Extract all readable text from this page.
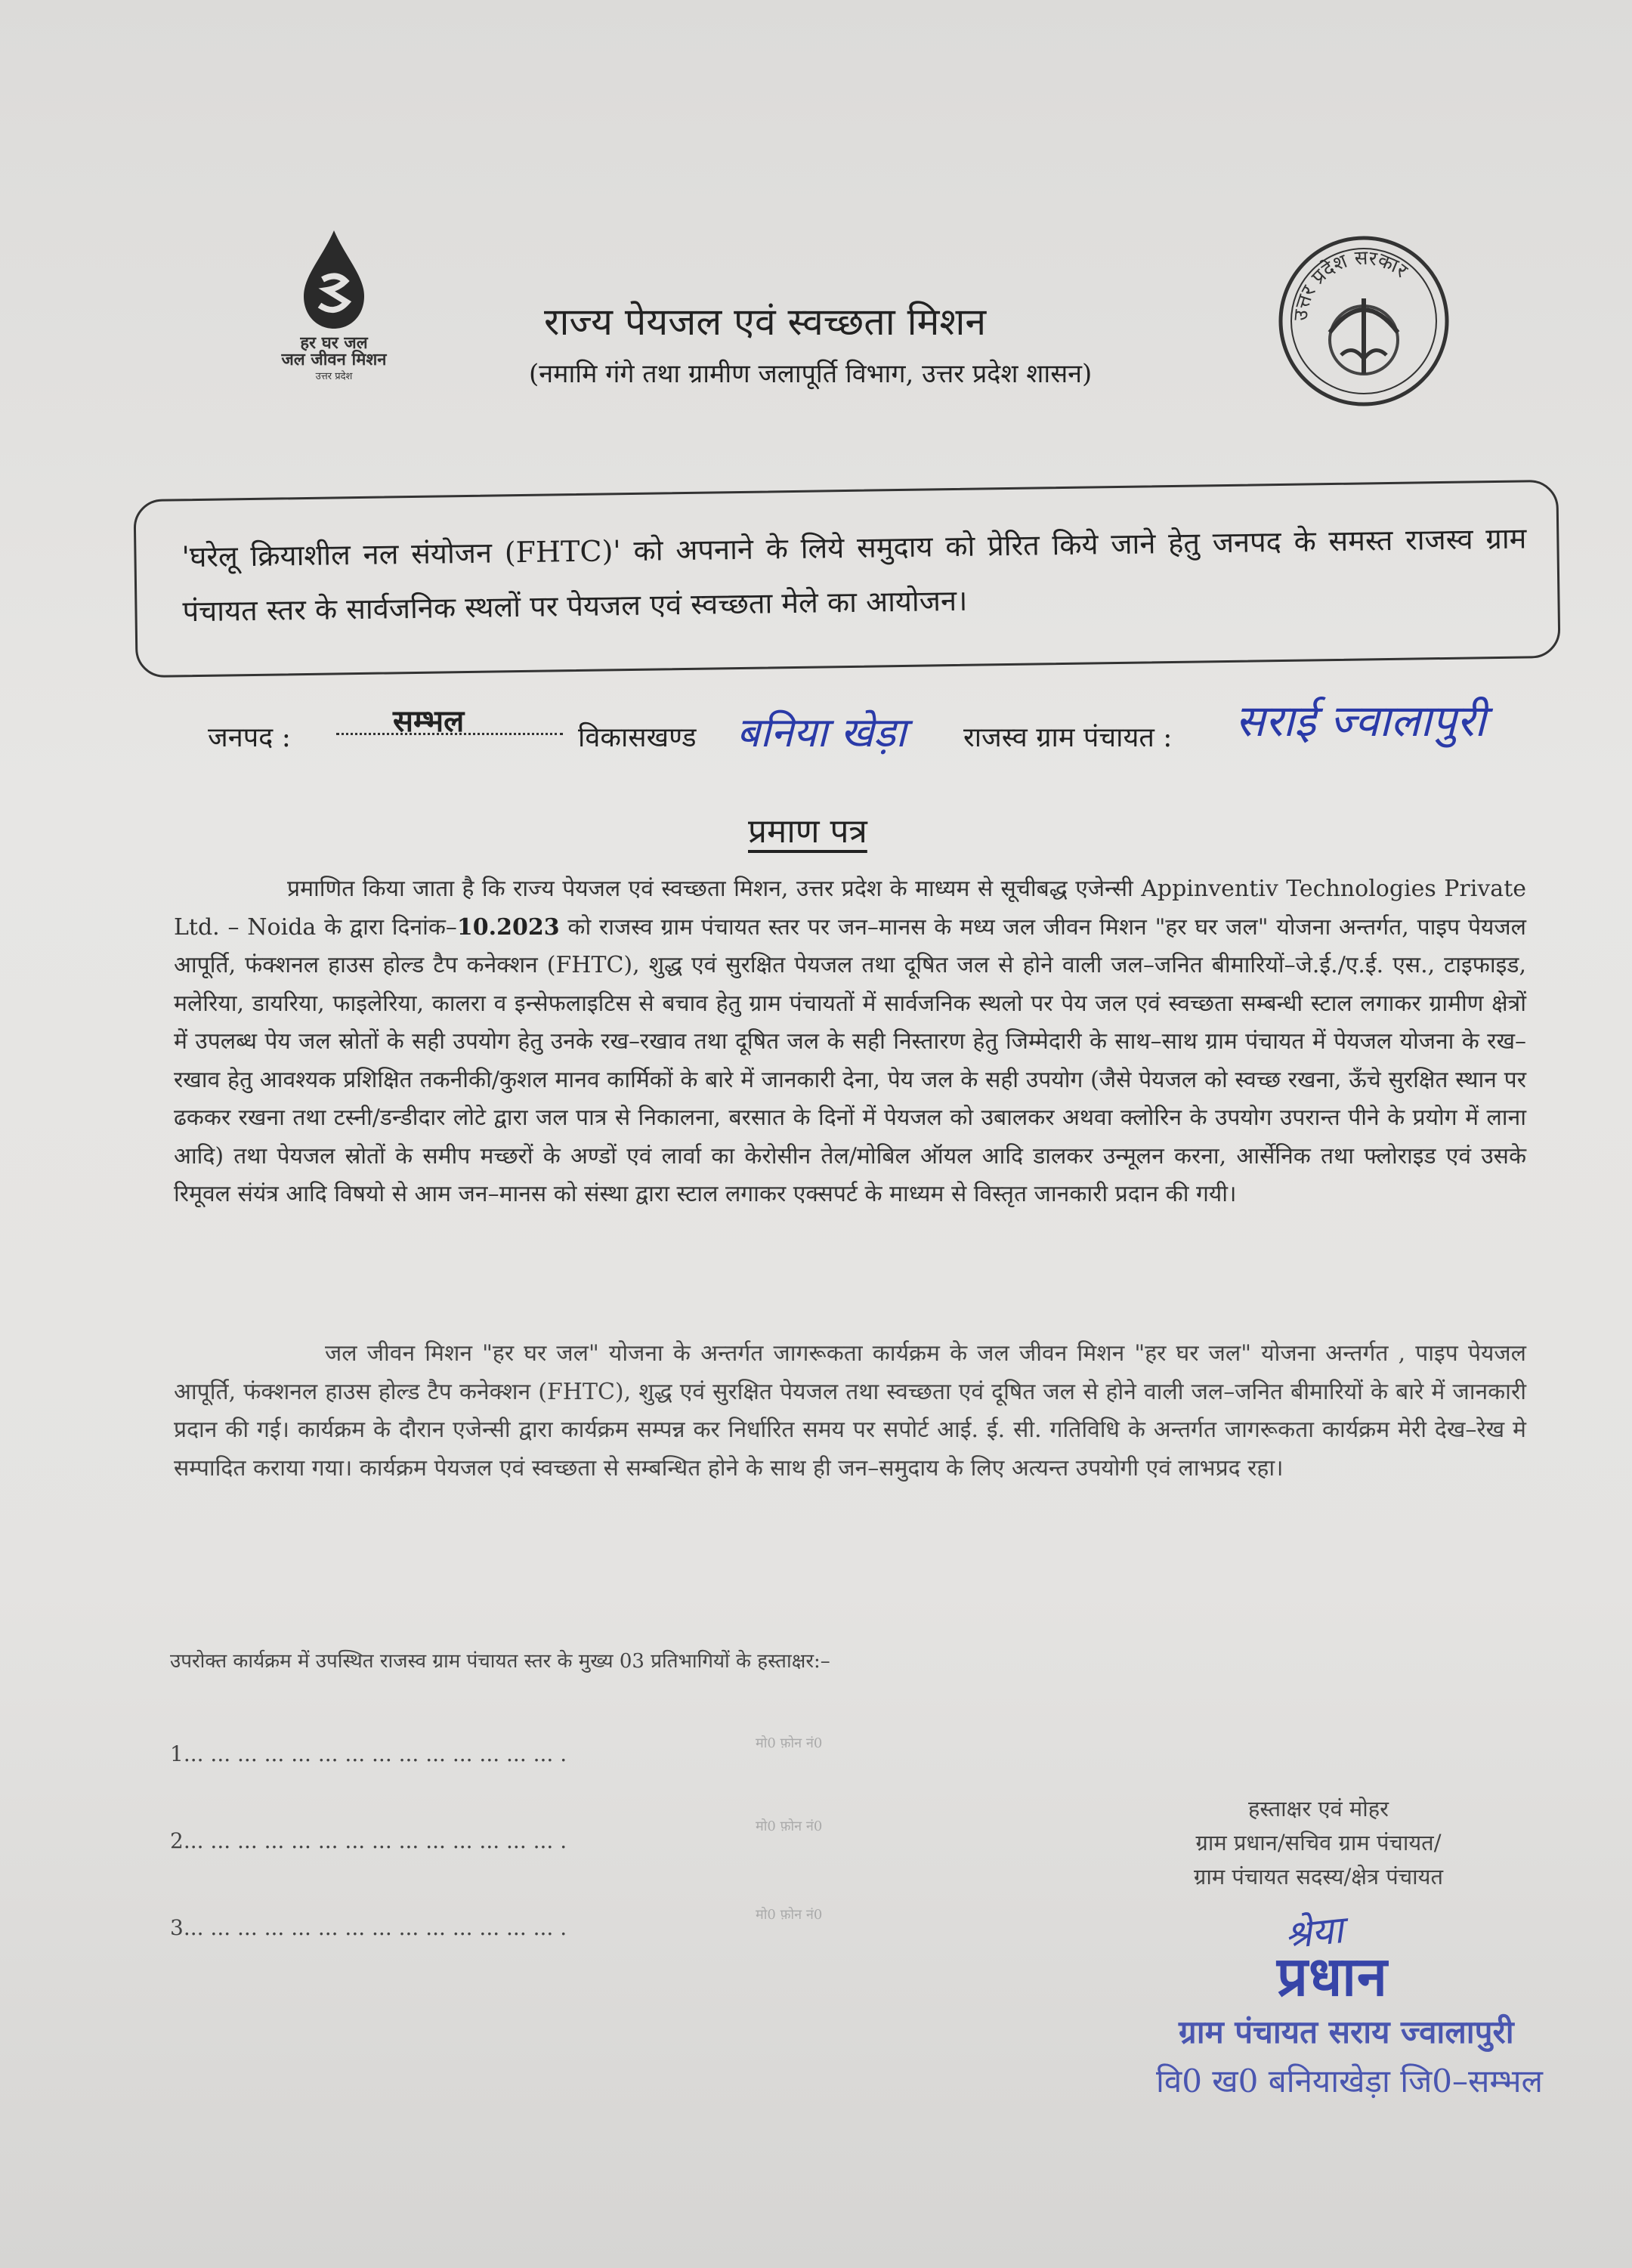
हर घर जल
जल जीवन मिशन
उत्तर प्रदेश
राज्य पेयजल एवं स्वच्छता मिशन
(नमामि गंगे तथा ग्रामीण जलापूर्ति विभाग, उत्तर प्रदेश शासन)
उत्तर प्रदेश सरकार
'घरेलू क्रियाशील नल संयोजन (FHTC)' को अपनाने के लिये समुदाय को प्रेरित किये जाने हेतु जनपद के समस्त राजस्व ग्राम पंचायत स्तर के सार्वजनिक स्थलों पर पेयजल एवं स्वच्छता मेले का आयोजन।
जनपद :	सम्भल	विकासखण्ड बनिया खेड़ा राजस्व ग्राम पंचायत : सराई ज्वालापुरी
प्रमाण पत्र
प्रमाणित किया जाता है कि राज्य पेयजल एवं स्वच्छता मिशन, उत्तर प्रदेश के माध्यम से सूचीबद्ध एजेन्सी Appinventiv Technologies Private Ltd. – Noida के द्वारा दिनांक–10.2023 को राजस्व ग्राम पंचायत स्तर पर जन–मानस के मध्य जल जीवन मिशन "हर घर जल" योजना अन्तर्गत, पाइप पेयजल आपूर्ति, फंक्शनल हाउस होल्ड टैप कनेक्शन (FHTC), शुद्ध एवं सुरक्षित पेयजल तथा दूषित जल से होने वाली जल–जनित बीमारियों–जे.ई./ए.ई. एस., टाइफाइड, मलेरिया, डायरिया, फाइलेरिया, कालरा व इन्सेफलाइटिस से बचाव हेतु ग्राम पंचायतों में सार्वजनिक स्थलो पर पेय जल एवं स्वच्छता सम्बन्धी स्टाल लगाकर ग्रामीण क्षेत्रों में उपलब्ध पेय जल स्रोतों के सही उपयोग हेतु उनके रख–रखाव तथा दूषित जल के सही निस्तारण हेतु जिम्मेदारी के साथ–साथ ग्राम पंचायत में पेयजल योजना के रख–रखाव हेतु आवश्यक प्रशिक्षित तकनीकी/कुशल मानव कार्मिकों के बारे में जानकारी देना, पेय जल के सही उपयोग (जैसे पेयजल को स्वच्छ रखना, ऊँचे सुरक्षित स्थान पर ढककर रखना तथा टस्नी/डन्डीदार लोटे द्वारा जल पात्र से निकालना, बरसात के दिनों में पेयजल को उबालकर अथवा क्लोरिन के उपयोग उपरान्त पीने के प्रयोग में लाना आदि) तथा पेयजल स्रोतों के समीप मच्छरों के अण्डों एवं लार्वा का केरोसीन तेल/मोबिल ऑयल आदि डालकर उन्मूलन करना, आर्सेनिक तथा फ्लोराइड एवं उसके रिमूवल संयंत्र आदि विषयो से आम जन–मानस को संस्था द्वारा स्टाल लगाकर एक्सपर्ट के माध्यम से विस्तृत जानकारी प्रदान की गयी।
जल जीवन मिशन "हर घर जल" योजना के अन्तर्गत जागरूकता कार्यक्रम के जल जीवन मिशन "हर घर जल" योजना अन्तर्गत , पाइप पेयजल आपूर्ति, फंक्शनल हाउस होल्ड टैप कनेक्शन (FHTC), शुद्ध एवं सुरक्षित पेयजल तथा स्वच्छता एवं दूषित जल से होने वाली जल–जनित बीमारियों के बारे में जानकारी प्रदान की गई। कार्यक्रम के दौरान एजेन्सी द्वारा कार्यक्रम सम्पन्न कर निर्धारित समय पर सपोर्ट आई. ई. सी. गतिविधि के अन्तर्गत जागरूकता कार्यक्रम मेरी देख–रेख मे सम्पादित कराया गया। कार्यक्रम पेयजल एवं स्वच्छता से सम्बन्धित होने के साथ ही जन–समुदाय के लिए अत्यन्त उपयोगी एवं लाभप्रद रहा।
उपरोक्त कार्यक्रम में उपस्थित राजस्व ग्राम पंचायत स्तर के मुख्य 03 प्रतिभागियों के हस्ताक्षर:–
1... ... ... ... ... ... ... ... ... ... ... ... ... ... .
2... ... ... ... ... ... ... ... ... ... ... ... ... ... .
3... ... ... ... ... ... ... ... ... ... ... ... ... ... .
मो0 फ़ोन नं0
मो0 फ़ोन नं0
मो0 फ़ोन नं0
हस्ताक्षर एवं मोहर
ग्राम प्रधान/सचिव ग्राम पंचायत/
ग्राम पंचायत सदस्य/क्षेत्र पंचायत
श्रेया
प्रधान
ग्राम पंचायत सराय ज्वालापुरी
वि0 ख0 बनियाखेड़ा जि0–सम्भल
